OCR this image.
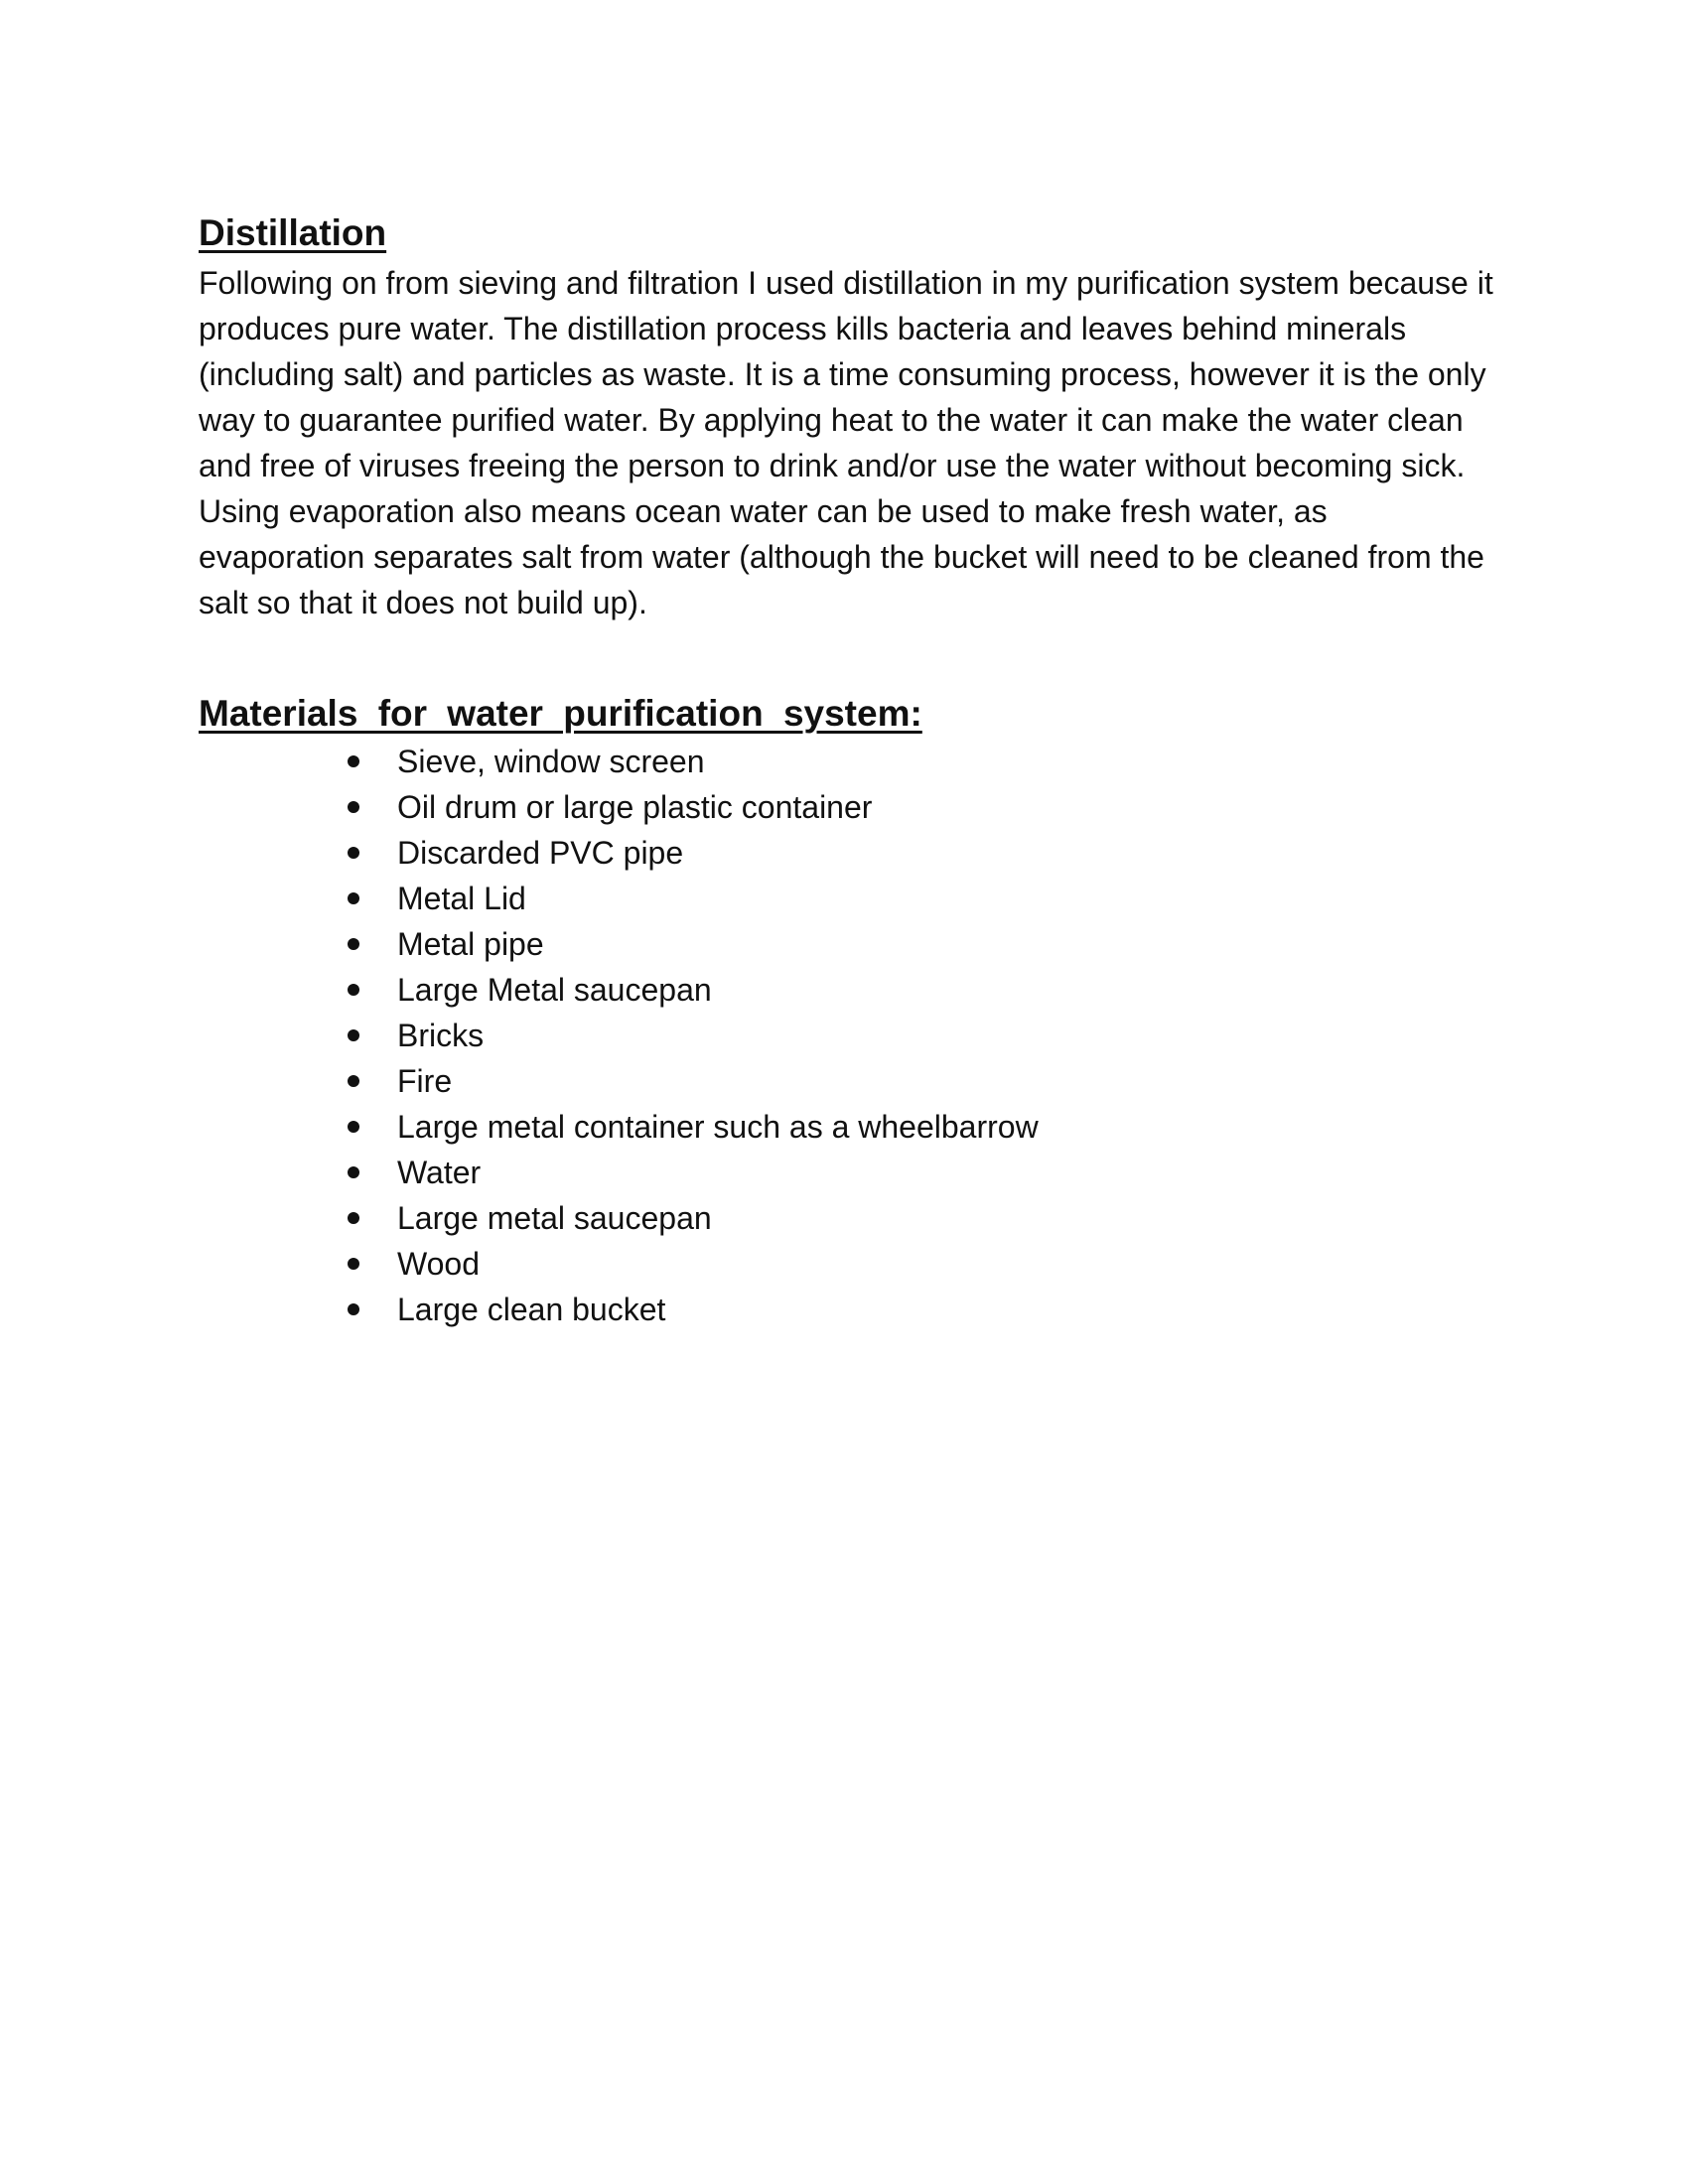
Distillation

Following on from sieving and filtration I used distillation in my purification system because it produces pure water. The distillation process kills bacteria and leaves behind minerals (including salt) and particles as waste. It is a time consuming process, however it is the only way to guarantee purified water. By applying heat to the water it can make the water clean and free of viruses freeing the person to drink and/or use the water without becoming sick. Using evaporation also means ocean water can be used to make fresh water, as evaporation separates salt from water (although the bucket will need to be cleaned from the salt so that it does not build up).

Materials for water purification system:
Sieve, window screen
Oil drum or large plastic container
Discarded PVC pipe
Metal Lid
Metal pipe
Large Metal saucepan
Bricks
Fire
Large metal container such as a wheelbarrow
Water
Large metal saucepan
Wood
Large clean bucket
